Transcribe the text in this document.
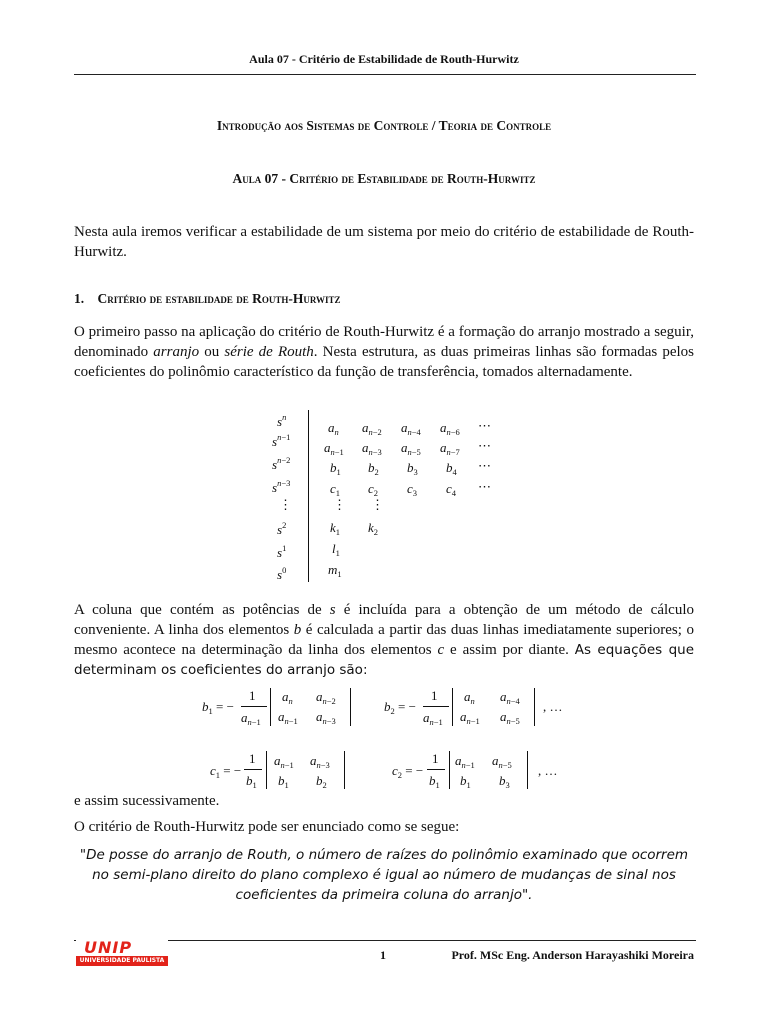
Aula 07 - Critério de Estabilidade de Routh-Hurwitz
Introdução aos Sistemas de Controle / Teoria de Controle
Aula 07 - Critério de Estabilidade de Routh-Hurwitz
Nesta aula iremos verificar a estabilidade de um sistema por meio do critério de estabilidade de Routh-Hurwitz.
1. Critério de estabilidade de Routh-Hurwitz
O primeiro passo na aplicação do critério de Routh-Hurwitz é a formação do arranjo mostrado a seguir, denominado arranjo ou série de Routh. Nesta estrutura, as duas primeiras linhas são formadas pelos coeficientes do polinômio característico da função de transferência, tomados alternadamente.
$s^n$
$s^{n-1}$
$s^{n-2}$
$s^{n-3}$
⋮
$s^2$
$s^1$
$s^0$
$a_n$ $a_{n-2}$ $a_{n-4}$ $a_{n-6}$ ⋯
$a_{n-1}$ $a_{n-3}$ $a_{n-5}$ $a_{n-7}$ ⋯
$b_1$ $b_2$ $b_3$ $b_4$ ⋯
$c_1$ $c_2$ $c_3$ $c_4$ ⋯
⋮ ⋮
$k_1$ $k_2$
$l_1$
$m_1$
A coluna que contém as potências de s é incluída para a obtenção de um método de cálculo conveniente. A linha dos elementos b é calculada a partir das duas linhas imediatamente superiores; o mesmo acontece na determinação da linha dos elementos c e assim por diante. As equações que determinam os coeficientes do arranjo são:
$b_1$ = −
1
$a_{n-1}$
$a_n$ $a_{n-2}$
$a_{n-1}$ $a_{n-3}$
$b_2$ = −
1
$a_{n-1}$
$a_n$ $a_{n-4}$
$a_{n-1}$ $a_{n-5}$
, …
$c_1$ = −
1
$b_1$
$a_{n-1}$ $a_{n-3}$
$b_1$ $b_2$
$c_2$ = −
1
$b_1$
$a_{n-1}$ $a_{n-5}$
$b_1$ $b_3$
, …
e assim sucessivamente.
O critério de Routh-Hurwitz pode ser enunciado como se segue:
"De posse do arranjo de Routh, o número de raízes do polinômio examinado que ocorrem no semi-plano direito do plano complexo é igual ao número de mudanças de sinal nos coeficientes da primeira coluna do arranjo".
UNIP
UNIVERSIDADE PAULISTA	1	Prof. MSc Eng. Anderson Harayashiki Moreira
